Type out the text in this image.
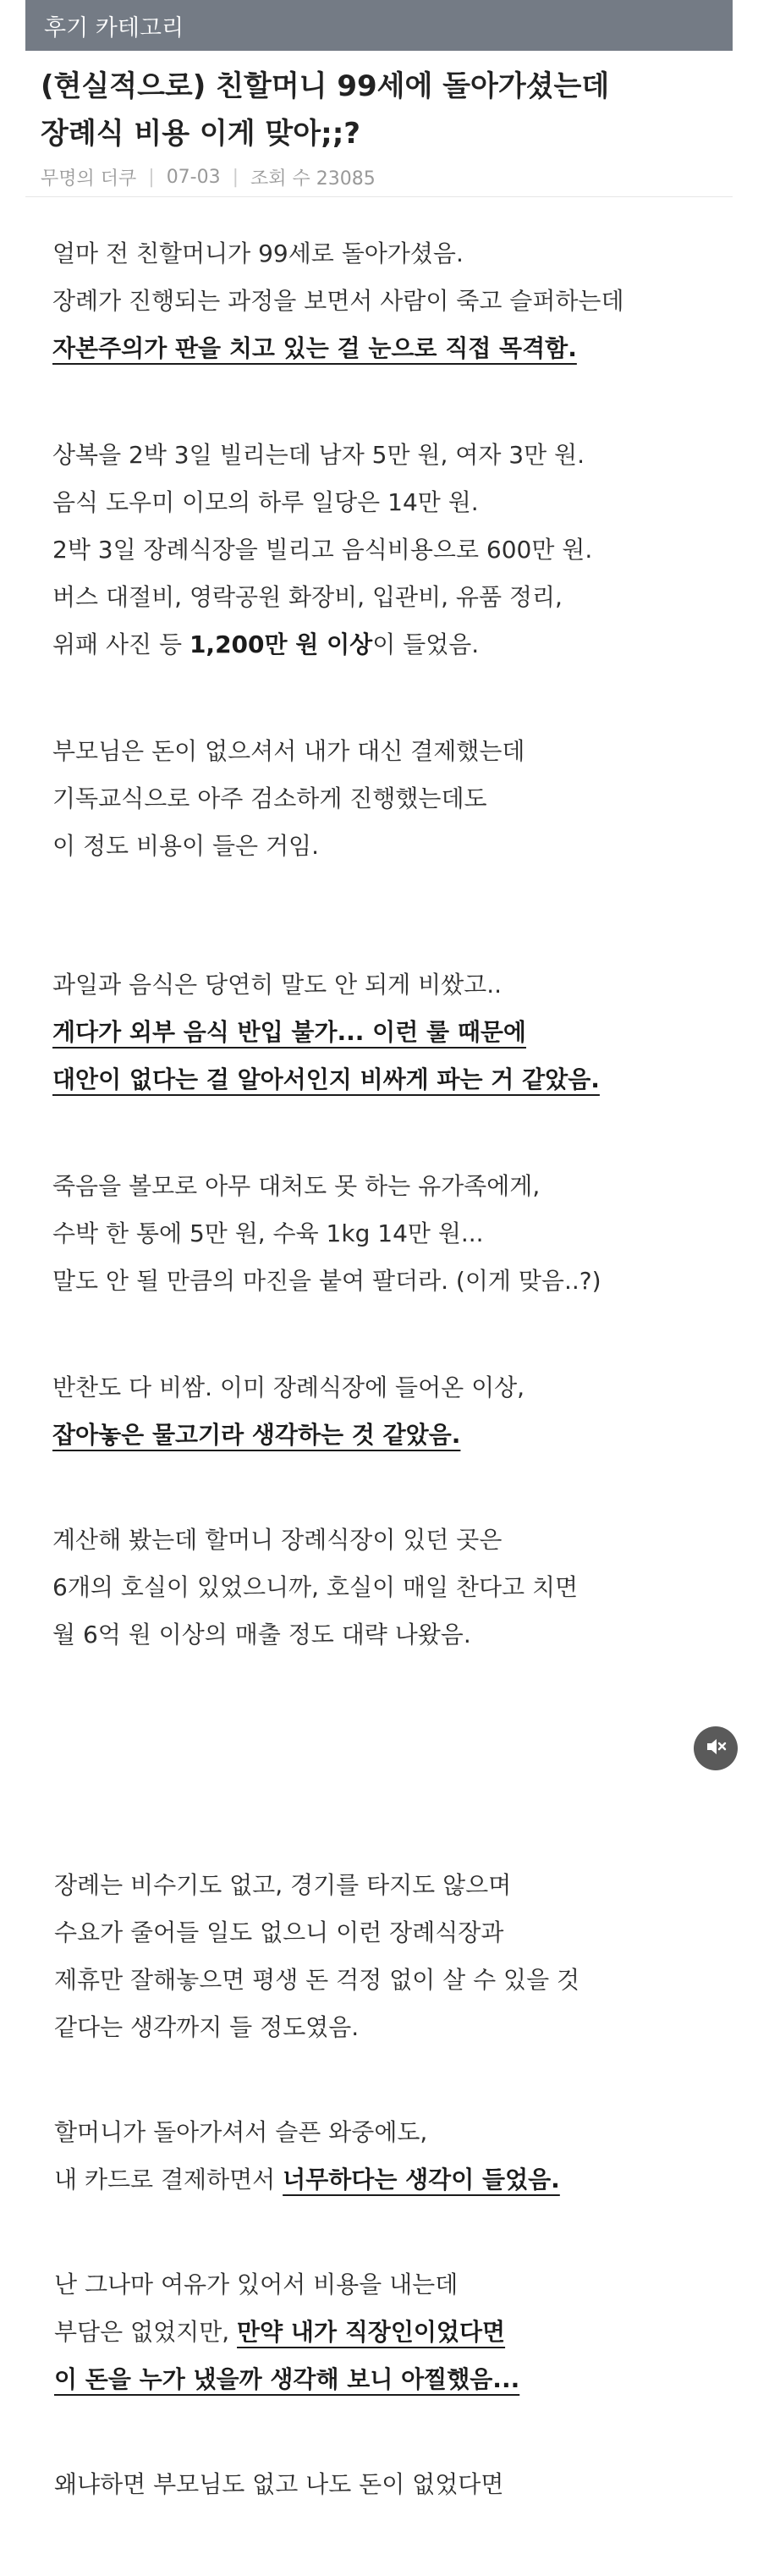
후기 카테고리
(현실적으로) 친할머니 99세에 돌아가셨는데
장례식 비용 이게 맞아;;?
무명의 더쿠 | 07-03 | 조회 수 23085
얼마 전 친할머니가 99세로 돌아가셨음.
장례가 진행되는 과정을 보면서 사람이 죽고 슬퍼하는데
자본주의가 판을 치고 있는 걸 눈으로 직접 목격함.
상복을 2박 3일 빌리는데 남자 5만 원, 여자 3만 원.
음식 도우미 이모의 하루 일당은 14만 원.
2박 3일 장례식장을 빌리고 음식비용으로 600만 원.
버스 대절비, 영락공원 화장비, 입관비, 유품 정리,
위패 사진 등 1,200만 원 이상이 들었음.
부모님은 돈이 없으셔서 내가 대신 결제했는데
기독교식으로 아주 검소하게 진행했는데도
이 정도 비용이 들은 거임.
과일과 음식은 당연히 말도 안 되게 비쌌고..
게다가 외부 음식 반입 불가... 이런 룰 때문에
대안이 없다는 걸 알아서인지 비싸게 파는 거 같았음.
죽음을 볼모로 아무 대처도 못 하는 유가족에게,
수박 한 통에 5만 원, 수육 1kg 14만 원...
말도 안 될 만큼의 마진을 붙여 팔더라. (이게 맞음..?)
반찬도 다 비쌈. 이미 장례식장에 들어온 이상,
잡아놓은 물고기라 생각하는 것 같았음.
계산해 봤는데 할머니 장례식장이 있던 곳은
6개의 호실이 있었으니까, 호실이 매일 찬다고 치면
월 6억 원 이상의 매출 정도 대략 나왔음.
장례는 비수기도 없고, 경기를 타지도 않으며
수요가 줄어들 일도 없으니 이런 장례식장과
제휴만 잘해놓으면 평생 돈 걱정 없이 살 수 있을 것
같다는 생각까지 들 정도였음.
할머니가 돌아가셔서 슬픈 와중에도,
내 카드로 결제하면서 너무하다는 생각이 들었음.
난 그나마 여유가 있어서 비용을 내는데
부담은 없었지만, 만약 내가 직장인이었다면
이 돈을 누가 냈을까 생각해 보니 아찔했음...
왜냐하면 부모님도 없고 나도 돈이 없었다면
